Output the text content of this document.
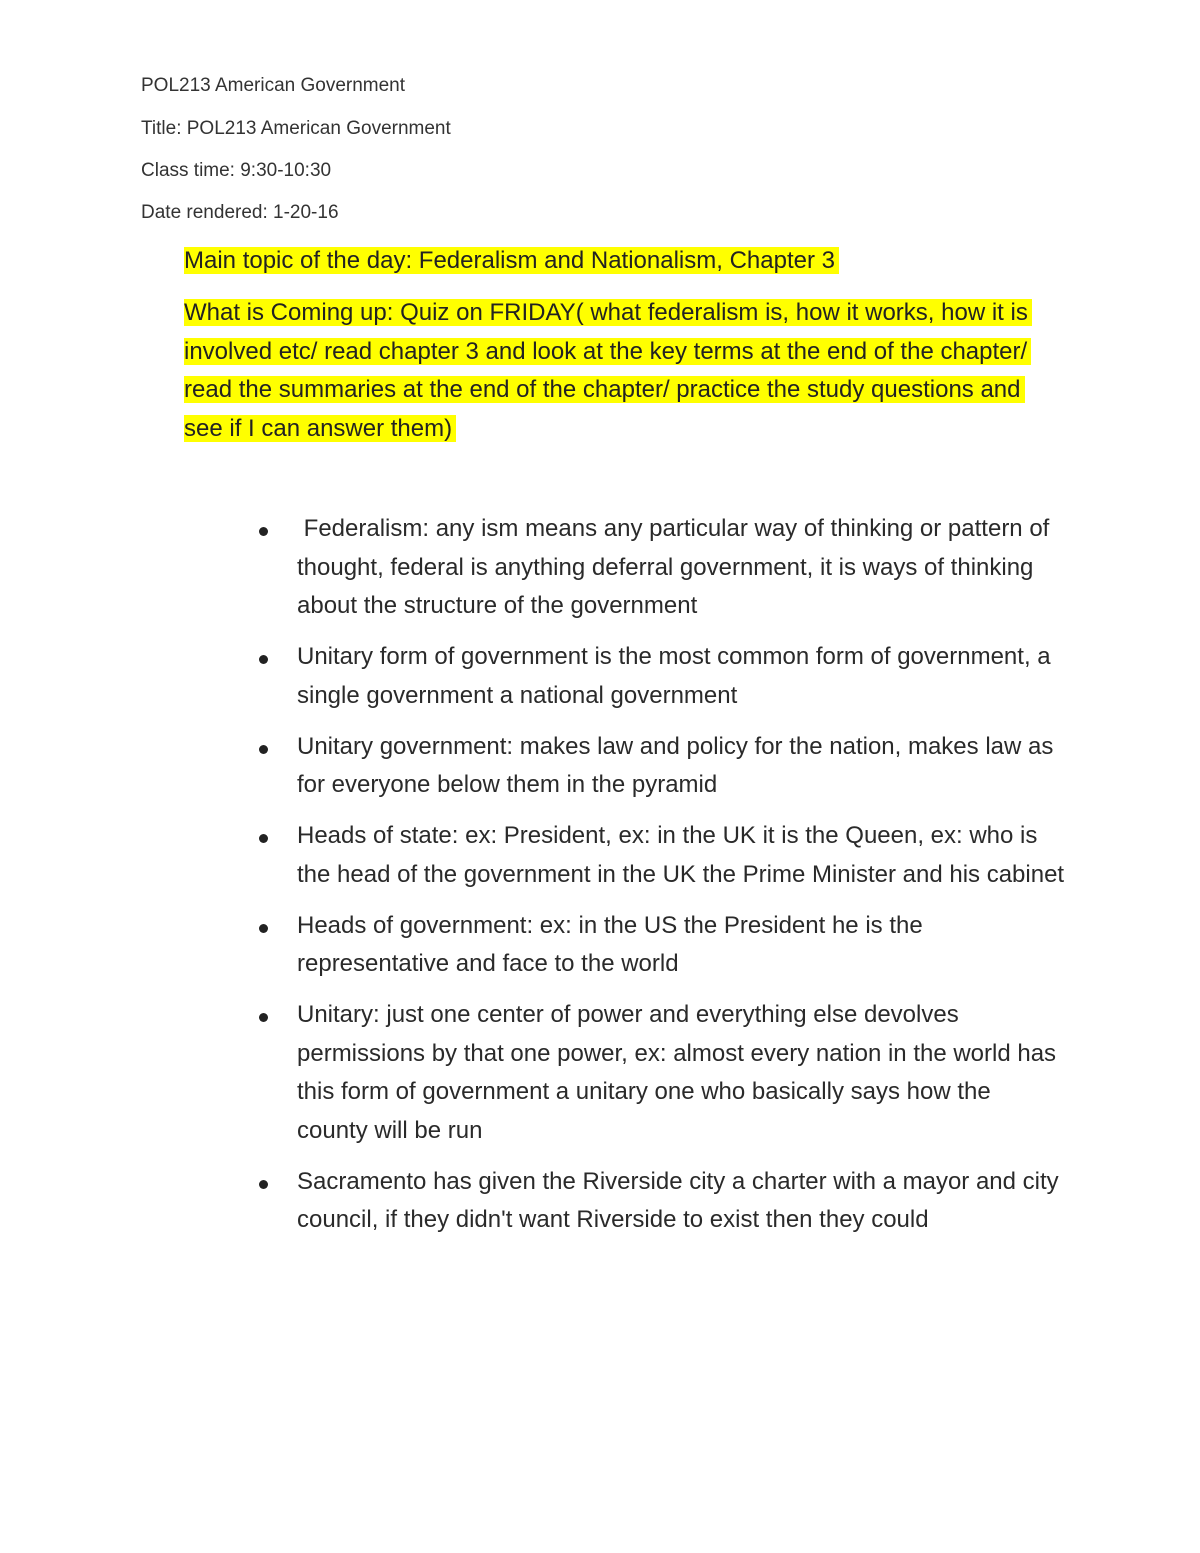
POL213 American Government
Title: POL213 American Government
Class time: 9:30-10:30
Date rendered: 1-20-16
Main topic of the day: Federalism and Nationalism, Chapter 3
What is Coming up: Quiz on FRIDAY( what federalism is, how it works, how it is involved etc/ read chapter 3 and look at the key terms at the end of the chapter/ read the summaries at the end of the chapter/ practice the study questions and see if I can answer them)
Federalism: any ism means any particular way of thinking or pattern of thought, federal is anything deferral government, it is ways of thinking about the structure of the government
Unitary form of government is the most common form of government, a single government a national government
Unitary government: makes law and policy for the nation, makes law as for everyone below them in the pyramid
Heads of state: ex: President, ex: in the UK it is the Queen, ex: who is the head of the government in the UK the Prime Minister and his cabinet
Heads of government: ex: in the US the President he is the representative and face to the world
Unitary: just one center of power and everything else devolves permissions by that one power, ex: almost every nation in the world has this form of government a unitary one who basically says how the county will be run
Sacramento has given the Riverside city a charter with a mayor and city council, if they didn't want Riverside to exist then they could
